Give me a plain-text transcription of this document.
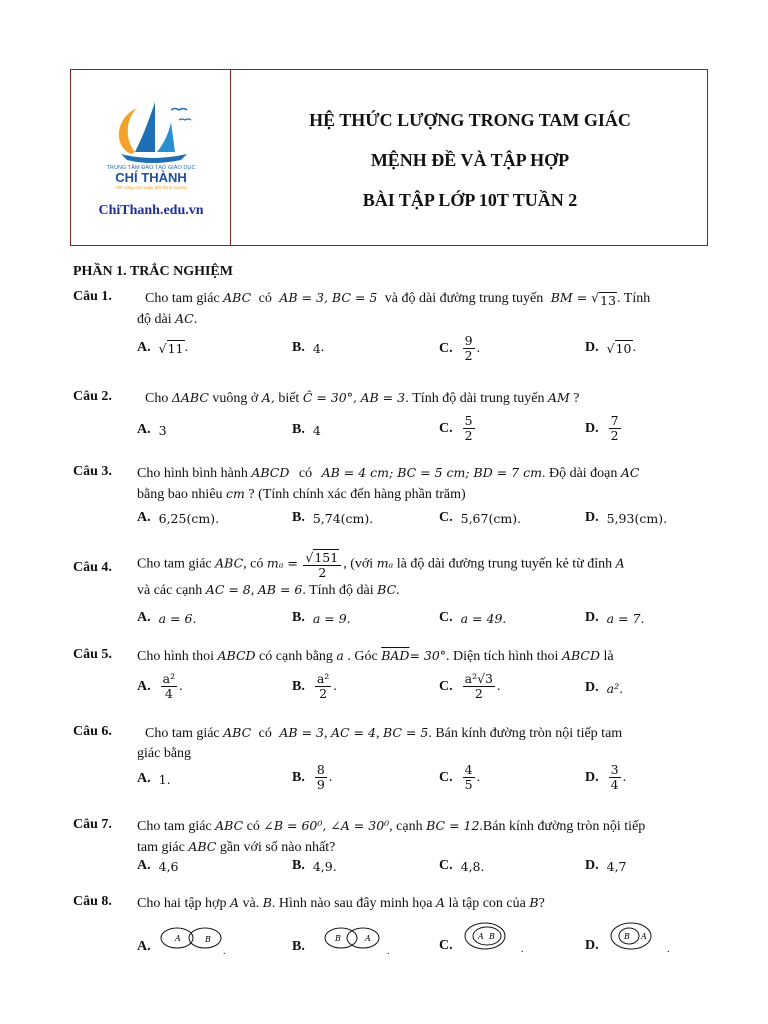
TRUNG TÂM ĐÀO TẠO GIÁO DỤC
CHÍ THÀNH
Nền tảng cho cuộc đời thịnh vượng
ChiThanh.edu.vn
HỆ THỨC LƯỢNG TRONG TAM GIÁC
MỆNH ĐỀ VÀ TẬP HỢP
BÀI TẬP LỚP 10T TUẦN 2
PHẦN 1. TRẮC NGHIỆM
Câu 1.	Cho tam giác ABC có AB = 3, BC = 5 và độ dài đường trung tuyến BM = √ 13 . Tính
độ dài AC.
A. √ 11 .	B. 4 .	C. $\frac{9}{2}$ .	D. √ 10 .
Câu 2.	Cho ΔABC vuông ở A, biết Ĉ = 30°, AB = 3. Tính độ dài trung tuyến AM ?
A. 3	B. 4	C. $\frac{5}{2}$	D. $\frac{7}{2}$
Câu 3. Cho hình bình hành ABCD có AB = 4 cm; BC = 5 cm; BD = 7 cm. Độ dài đoạn AC
bằng bao nhiêu cm ? (Tính chính xác đến hàng phần trăm)
A. 6,25(cm).	B. 5,74(cm).	C. 5,67(cm).	D. 5,93(cm).
Câu 4. Cho tam giác ABC, có $m_a = \frac{√ 151}{2}$ , (với mₐ là độ dài đường trung tuyến kẻ từ đỉnh A
và các cạnh AC = 8, AB = 6. Tính độ dài BC.
A. a = 6.	B. a = 9.	C. a = 49.	D. a = 7.
Câu 5. Cho hình thoi ABCD có cạnh bằng a . Góc $\overline{BAD}= 30^\circ$. Diện tích hình thoi ABCD là
A. $\frac{\text{a²}}{4}$ .	B. $\frac{\text{a²}}{2}$ .	C. $\frac{\text{a²√3}}{2}$ .	D. a².
Câu 6.	Cho tam giác ABC có AB = 3, AC = 4, BC = 5. Bán kính đường tròn nội tiếp tam
giác bằng
A. 1.	B. $\frac{8}{9}$ .	C. $\frac{4}{5}$ .	D. $\frac{3}{4}$ .
Câu 7. Cho tam giác ABC có ∠B = 60⁰, ∠A = 30⁰, cạnh BC = 12.Bán kính đường tròn nội tiếp
tam giác ABC gần với số nào nhất?
A. 4,6	B. 4,9.	C. 4,8.	D. 4,7
Câu 8. Cho hai tập hợp A và. B. Hình nào sau đây minh họa A là tập con của B?
A.
A	B
.	B.
B	A
.	C.
A B
.	D.
B A
.
